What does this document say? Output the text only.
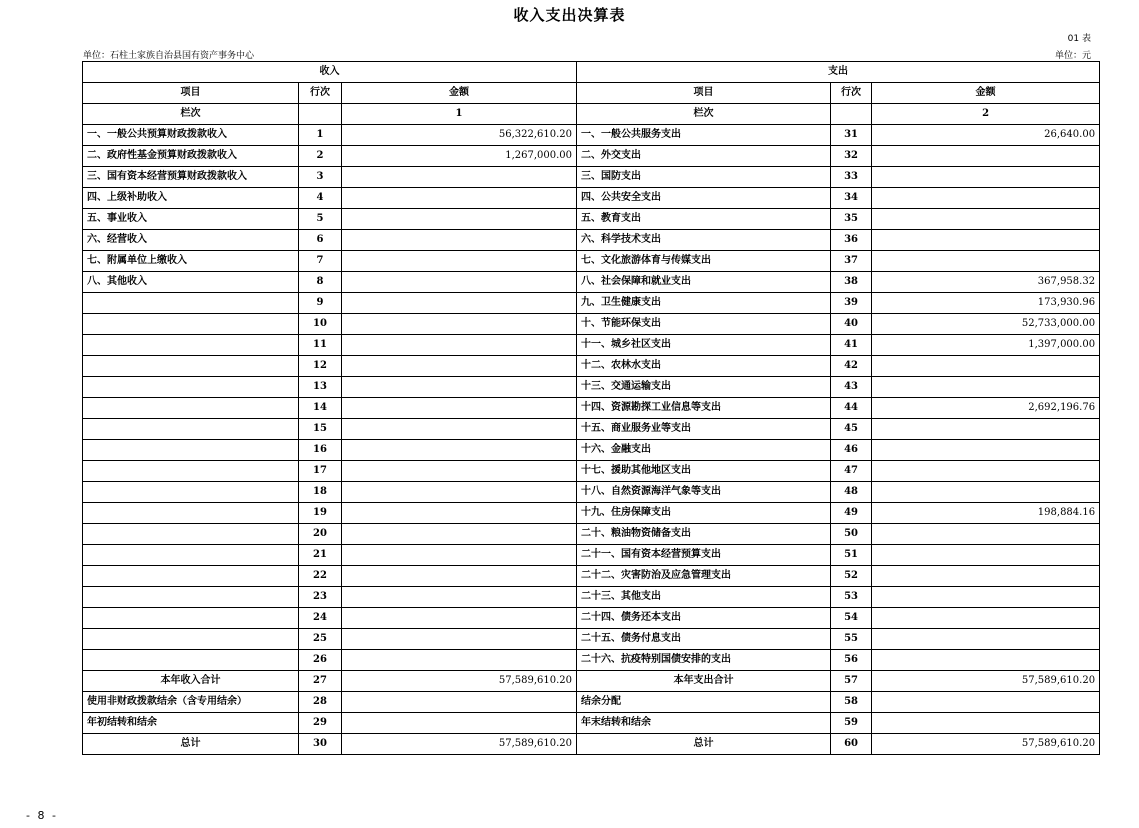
收入支出决算表
01 表
单位：石柱土家族自治县国有资产事务中心	单位：元
收入			支出		
项目	行次	金额	项目	行次	金额
栏次		1	栏次		2
一、一般公共预算财政拨款收入	1	56,322,610.20	一、一般公共服务支出	31	26,640.00
二、政府性基金预算财政拨款收入	2	1,267,000.00	二、外交支出	32	
三、国有资本经营预算财政拨款收入	3		三、国防支出	33	
四、上级补助收入	4		四、公共安全支出	34	
五、事业收入	5		五、教育支出	35	
六、经营收入	6		六、科学技术支出	36	
七、附属单位上缴收入	7		七、文化旅游体育与传媒支出	37	
八、其他收入	8		八、社会保障和就业支出	38	367,958.32
	9		九、卫生健康支出	39	173,930.96
	10		十、节能环保支出	40	52,733,000.00
	11		十一、城乡社区支出	41	1,397,000.00
	12		十二、农林水支出	42	
	13		十三、交通运输支出	43	
	14		十四、资源勘探工业信息等支出	44	2,692,196.76
	15		十五、商业服务业等支出	45	
	16		十六、金融支出	46	
	17		十七、援助其他地区支出	47	
	18		十八、自然资源海洋气象等支出	48	
	19		十九、住房保障支出	49	198,884.16
	20		二十、粮油物资储备支出	50	
	21		二十一、国有资本经营预算支出	51	
	22		二十二、灾害防治及应急管理支出	52	
	23		二十三、其他支出	53	
	24		二十四、债务还本支出	54	
	25		二十五、债务付息支出	55	
	26		二十六、抗疫特别国债安排的支出	56	
本年收入合计	27	57,589,610.20	本年支出合计	57	57,589,610.20
使用非财政拨款结余（含专用结余）	28		结余分配	58	
年初结转和结余	29		年末结转和结余	59	
总计	30	57,589,610.20	总计	60	57,589,610.20
- 8 -
